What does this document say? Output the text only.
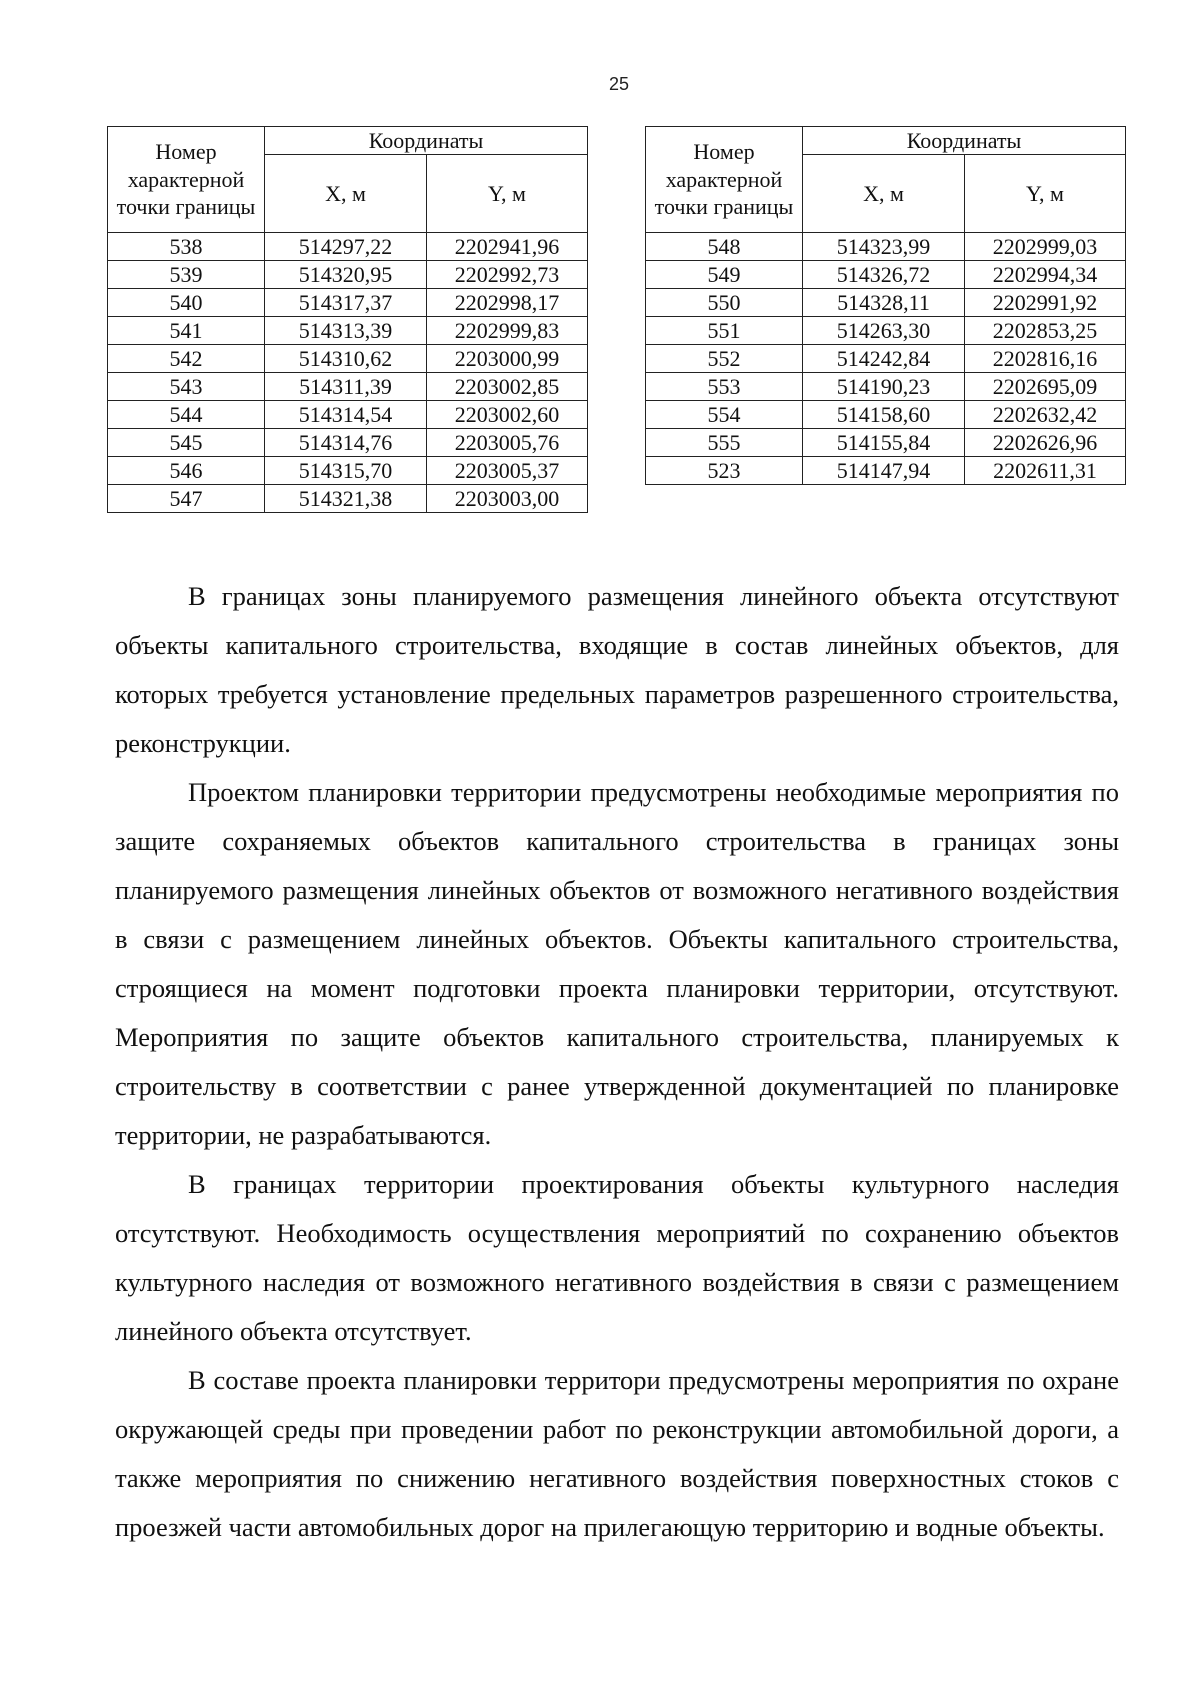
25
Номер характерной точки границы	Координаты	
	X, м	Y, м
538	514297,22	2202941,96
539	514320,95	2202992,73
540	514317,37	2202998,17
541	514313,39	2202999,83
542	514310,62	2203000,99
543	514311,39	2203002,85
544	514314,54	2203002,60
545	514314,76	2203005,76
546	514315,70	2203005,37
547	514321,38	2203003,00
Номер характерной точки границы	Координаты	
	X, м	Y, м
548	514323,99	2202999,03
549	514326,72	2202994,34
550	514328,11	2202991,92
551	514263,30	2202853,25
552	514242,84	2202816,16
553	514190,23	2202695,09
554	514158,60	2202632,42
555	514155,84	2202626,96
523	514147,94	2202611,31

В границах зоны планируемого размещения линейного объекта отсутствуют объекты капитального строительства, входящие в состав линейных объектов, для которых требуется установление предельных параметров разрешенного строительства, реконструкции.

Проектом планировки территории предусмотрены необходимые мероприятия по защите сохраняемых объектов капитального строительства в границах зоны планируемого размещения линейных объектов от возможного негативного воздействия в связи с размещением линейных объектов. Объекты капитального строительства, строящиеся на момент подготовки проекта планировки территории, отсутствуют. Мероприятия по защите объектов капитального строительства, планируемых к строительству в соответствии с ранее утвержденной документацией по планировке территории, не разрабатываются.

В границах территории проектирования объекты культурного наследия отсутствуют. Необходимость осуществления мероприятий по сохранению объектов культурного наследия от возможного негативного воздействия в связи с размещением линейного объекта отсутствует.

В составе проекта планировки территори предусмотрены мероприятия по охране окружающей среды при проведении работ по реконструкции автомобильной дороги, а также мероприятия по снижению негативного воздействия поверхностных стоков с проезжей части автомобильных дорог на прилегающую территорию и водные объекты.
